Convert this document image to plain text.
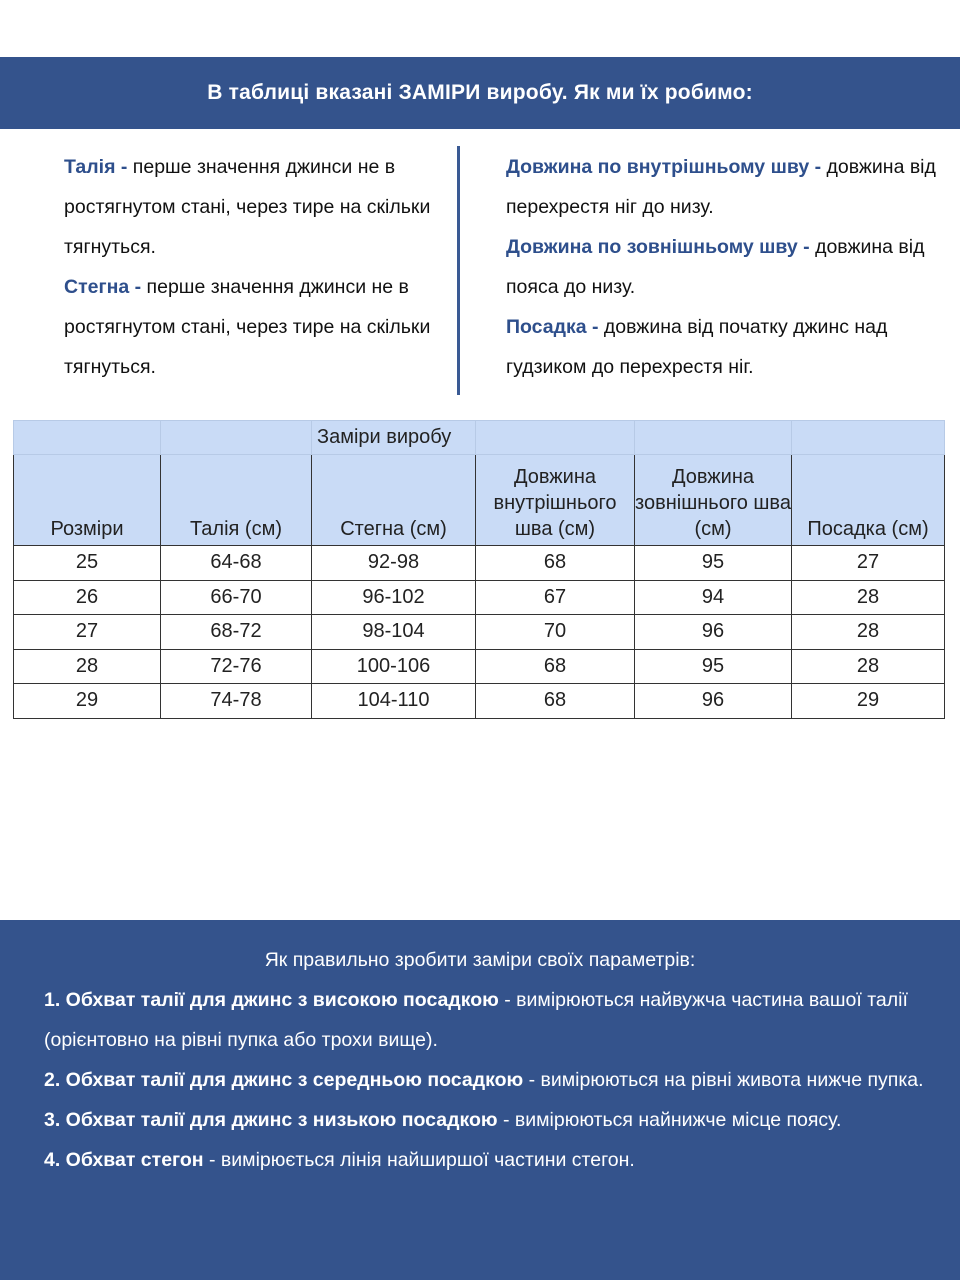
В таблиці вказані ЗАМІРИ виробу. Як ми їх робимо:
Талія - перше значення джинси не в ростягнутом стані, через тире на скільки тягнуться.
Стегна - перше значення джинси не в ростягнутом стані, через тире на скільки тягнуться.
Довжина по внутрішньому шву - довжина від перехрестя ніг до низу.
Довжина по зовнішньому шву - довжина від пояса до низу.
Посадка - довжина від початку джинс над гудзиком до перехрестя ніг.
		Заміри виробу			
Розміри	Талія (см)	Стегна (см)	Довжина внутрішнього шва (см)	Довжина зовнішнього шва (см)	Посадка (см)
25	64-68	92-98	68	95	27
26	66-70	96-102	67	94	28
27	68-72	98-104	70	96	28
28	72-76	100-106	68	95	28
29	74-78	104-110	68	96	29
Як правильно зробити заміри своїх параметрів:

1. Обхват талії для джинс з високою посадкою - вимірюються найвужча частина вашої талії (орієнтовно на рівні пупка або трохи вище).

2. Обхват талії для джинс з середньою посадкою - вимірюються на рівні живота нижче пупка.

3. Обхват талії для джинс з низькою посадкою - вимірюються найнижче місце поясу.

4. Обхват стегон - вимірюється лінія найширшої частини стегон.
